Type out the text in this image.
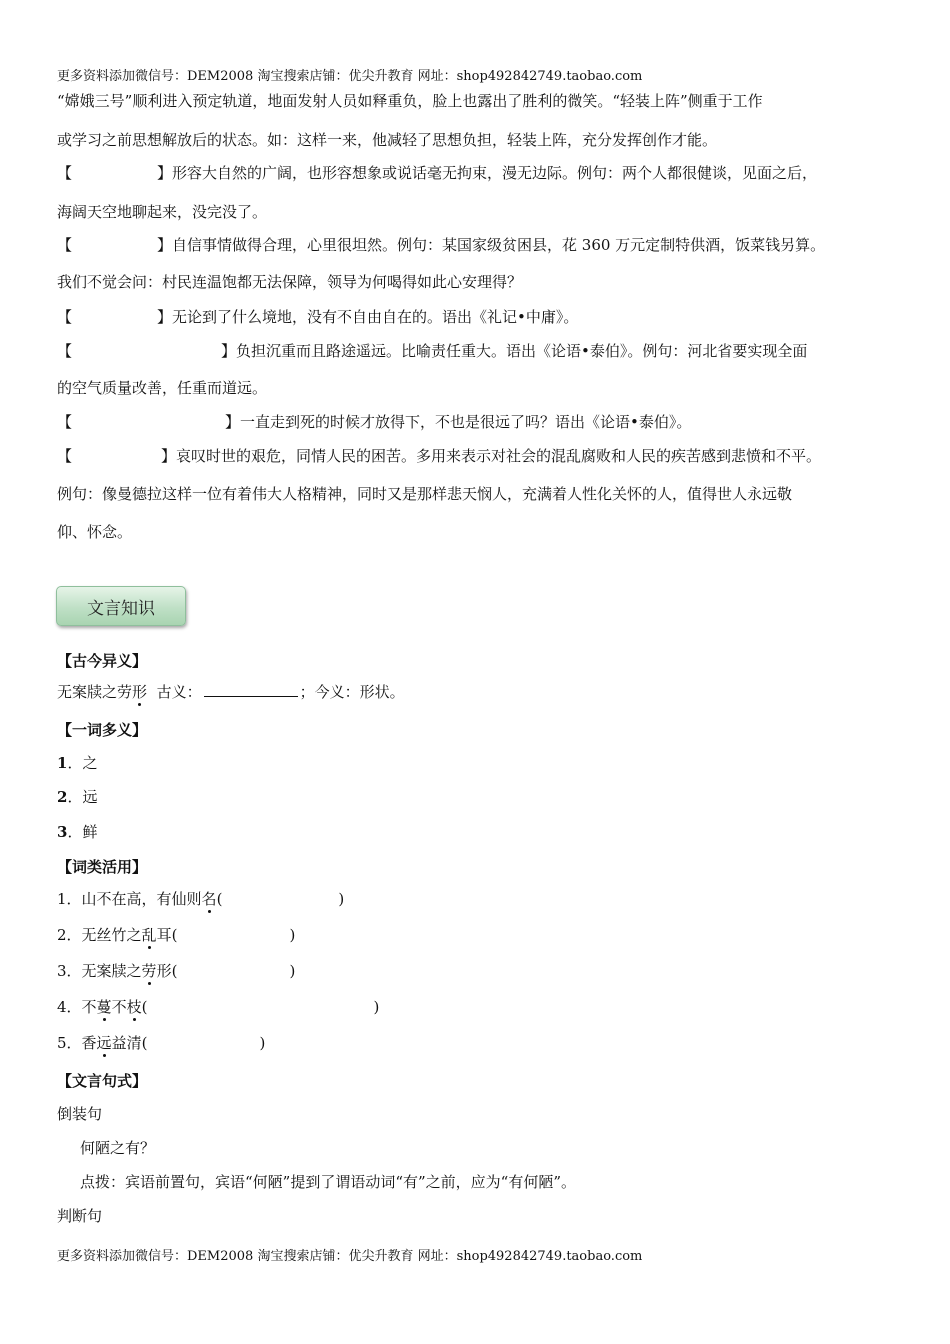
更多资料添加微信号：DEM2008 淘宝搜索店铺：优尖升教育 网址：shop492842749.taobao.com
“嫦娥三号”顺利进入预定轨道，地面发射人员如释重负，脸上也露出了胜利的微笑。“轻装上阵”侧重于工作
或学习之前思想解放后的状态。如：这样一来，他减轻了思想负担，轻装上阵，充分发挥创作才能。
【	】形容大自然的广阔，也形容想象或说话毫无拘束，漫无边际。例句：两个人都很健谈，见面之后，
海阔天空地聊起来，没完没了。
【	】自信事情做得合理，心里很坦然。例句：某国家级贫困县，花 360 万元定制特供酒，饭菜钱另算。
我们不觉会问：村民连温饱都无法保障，领导为何喝得如此心安理得？
【	】无论到了什么境地，没有不自由自在的。语出《礼记•中庸》。
【	】负担沉重而且路途遥远。比喻责任重大。语出《论语•泰伯》。例句：河北省要实现全面
的空气质量改善，任重而道远。
【	】一直走到死的时候才放得下，不也是很远了吗？语出《论语•泰伯》。
【	】哀叹时世的艰危，同情人民的困苦。多用来表示对社会的混乱腐败和人民的疾苦感到悲愤和不平。
例句：像曼德拉这样一位有着伟大人格精神，同时又是那样悲天悯人，充满着人性化关怀的人，值得世人永远敬
仰、怀念。
文言知识
【古今异义】
无案牍之劳形  古义：	；今义：形状。
【一词多义】
1．之
2．远
3．鲜
【词类活用】
1．山不在高，有仙则名(	)
2．无丝竹之乱耳(	)
3．无案牍之劳形(	)
4．不蔓不枝(	)
5．香远益清(	)
【文言句式】
倒装句
何陋之有？
点拨：宾语前置句，宾语“何陋”提到了谓语动词“有”之前，应为“有何陋”。
判断句
更多资料添加微信号：DEM2008 淘宝搜索店铺：优尖升教育 网址：shop492842749.taobao.com
